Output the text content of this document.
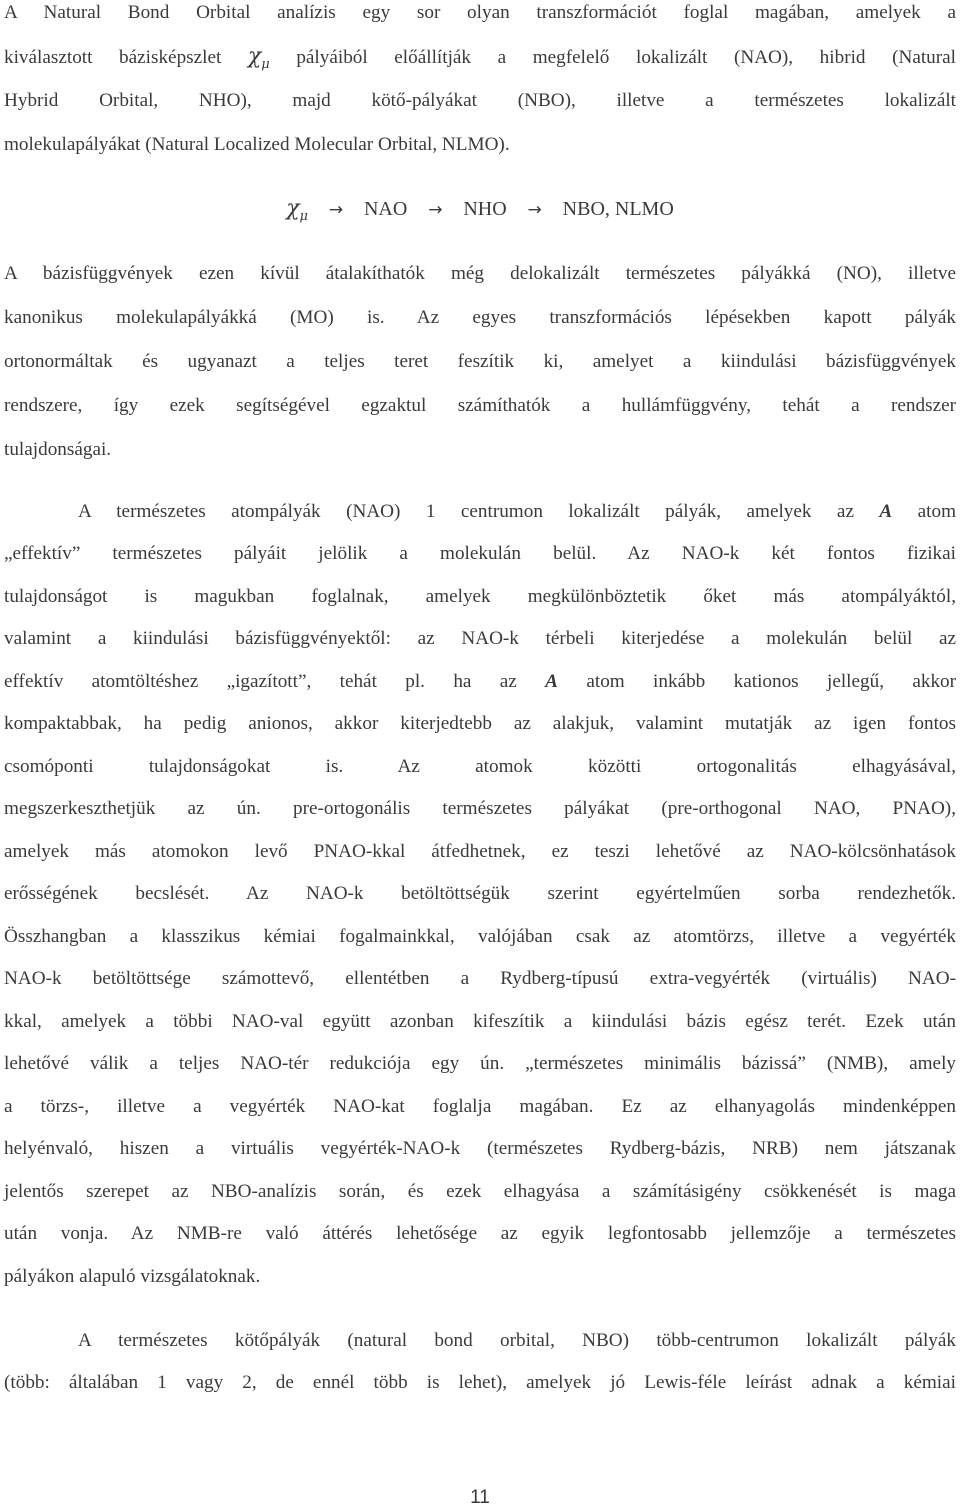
A Natural Bond Orbital analízis egy sor olyan transzformációt foglal magában, amelyek a
kiválasztott bázisképszlet $\chi_\mu$ pályáiból előállítják a megfelelő lokalizált (NAO), hibrid (Natural
Hybrid Orbital, NHO), majd kötő-pályákat (NBO), illetve a természetes lokalizált
molekulapályákat (Natural Localized Molecular Orbital, NLMO).
$\chi_\mu$ → NAO → NHO → NBO, NLMO
A bázisfüggvények ezen kívül átalakíthatók még delokalizált természetes pályákká (NO), illetve
kanonikus molekulapályákká (MO) is. Az egyes transzformációs lépésekben kapott pályák
ortonormáltak és ugyanazt a teljes teret feszítik ki, amelyet a kiindulási bázisfüggvények
rendszere, így ezek segítségével egzaktul számíthatók a hullámfüggvény, tehát a rendszer
tulajdonságai.
A természetes atompályák (NAO) 1 centrumon lokalizált pályák, amelyek az A atom
„effektív” természetes pályáit jelölik a molekulán belül. Az NAO-k két fontos fizikai
tulajdonságot is magukban foglalnak, amelyek megkülönböztetik őket más atompályáktól,
valamint a kiindulási bázisfüggvényektől: az NAO-k térbeli kiterjedése a molekulán belül az
effektív atomtöltéshez „igazított”, tehát pl. ha az A atom inkább kationos jellegű, akkor
kompaktabbak, ha pedig anionos, akkor kiterjedtebb az alakjuk, valamint mutatják az igen fontos
csomóponti tulajdonságokat is. Az atomok közötti ortogonalitás elhagyásával,
megszerkeszthetjük az ún. pre-ortogonális természetes pályákat (pre-orthogonal NAO, PNAO),
amelyek más atomokon levő PNAO-kkal átfedhetnek, ez teszi lehetővé az NAO-kölcsönhatások
erősségének becslését. Az NAO-k betöltöttségük szerint egyértelműen sorba rendezhetők.
Összhangban a klasszikus kémiai fogalmainkkal, valójában csak az atomtörzs, illetve a vegyérték
NAO-k betöltöttsége számottevő, ellentétben a Rydberg-típusú extra-vegyérték (virtuális) NAO-
kkal, amelyek a többi NAO-val együtt azonban kifeszítik a kiindulási bázis egész terét. Ezek után
lehetővé válik a teljes NAO-tér redukciója egy ún. „természetes minimális bázissá” (NMB), amely
a törzs-, illetve a vegyérték NAO-kat foglalja magában. Ez az elhanyagolás mindenképpen
helyénvaló, hiszen a virtuális vegyérték-NAO-k (természetes Rydberg-bázis, NRB) nem játszanak
jelentős szerepet az NBO-analízis során, és ezek elhagyása a számításigény csökkenését is maga
után vonja. Az NMB-re való áttérés lehetősége az egyik legfontosabb jellemzője a természetes
pályákon alapuló vizsgálatoknak.
A természetes kötőpályák (natural bond orbital, NBO) több-centrumon lokalizált pályák
(több: általában 1 vagy 2, de ennél több is lehet), amelyek jó Lewis-féle leírást adnak a kémiai
11
